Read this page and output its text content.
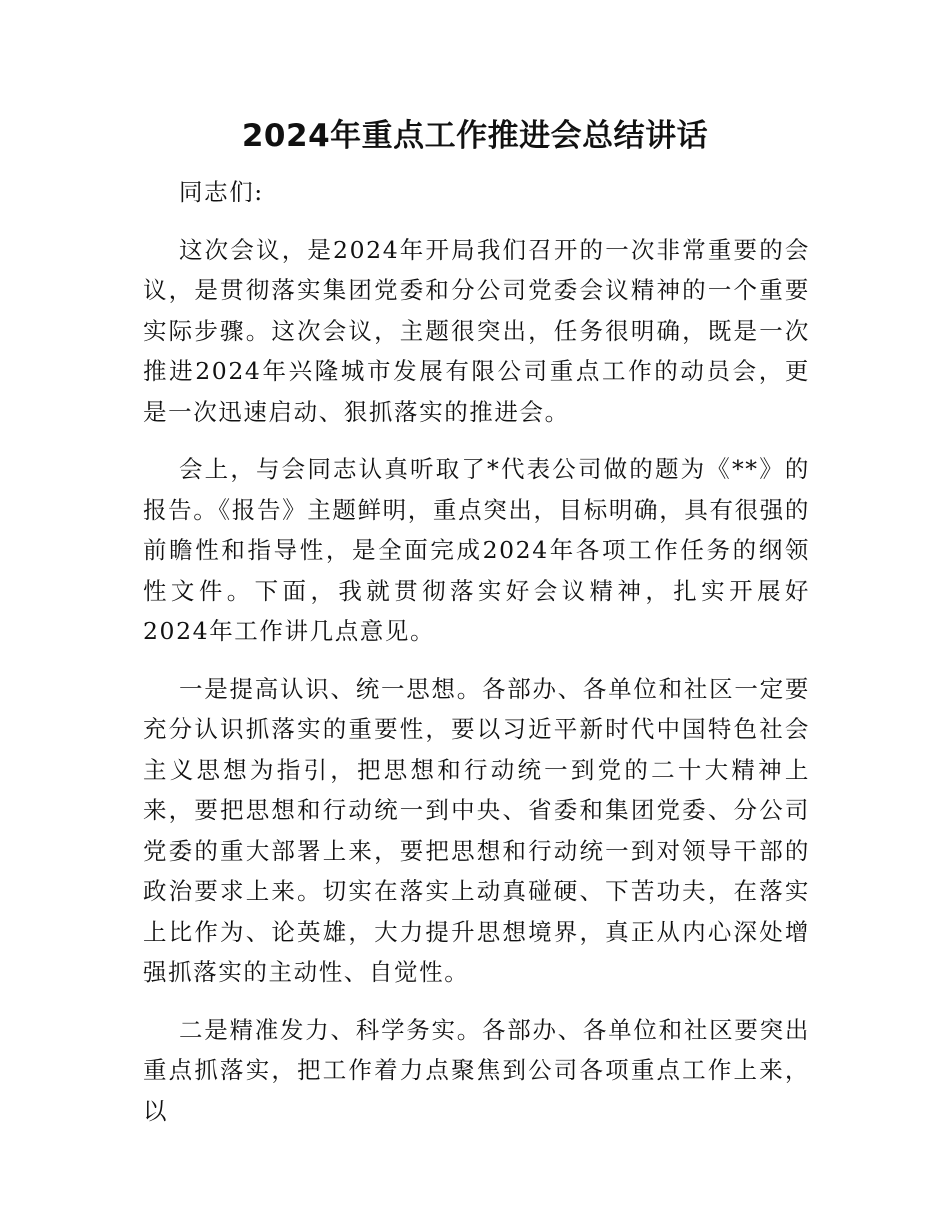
2024年重点工作推进会总结讲话

同志们:

这次会议，是2024年开局我们召开的一次非常重要的会议，是贯彻落实集团党委和分公司党委会议精神的一个重要实际步骤。这次会议，主题很突出，任务很明确，既是一次推进2024年兴隆城市发展有限公司重点工作的动员会，更是一次迅速启动、狠抓落实的推进会。

会上，与会同志认真听取了*代表公司做的题为《**》的报告。《报告》主题鲜明，重点突出，目标明确，具有很强的前瞻性和指导性，是全面完成2024年各项工作任务的纲领性文件。下面，我就贯彻落实好会议精神，扎实开展好2024年工作讲几点意见。

一是提高认识、统一思想。各部办、各单位和社区一定要充分认识抓落实的重要性，要以习近平新时代中国特色社会主义思想为指引，把思想和行动统一到党的二十大精神上来，要把思想和行动统一到中央、省委和集团党委、分公司党委的重大部署上来，要把思想和行动统一到对领导干部的政治要求上来。切实在落实上动真碰硬、下苦功夫，在落实上比作为、论英雄，大力提升思想境界，真正从内心深处增强抓落实的主动性、自觉性。

二是精准发力、科学务实。各部办、各单位和社区要突出重点抓落实，把工作着力点聚焦到公司各项重点工作上来，以
